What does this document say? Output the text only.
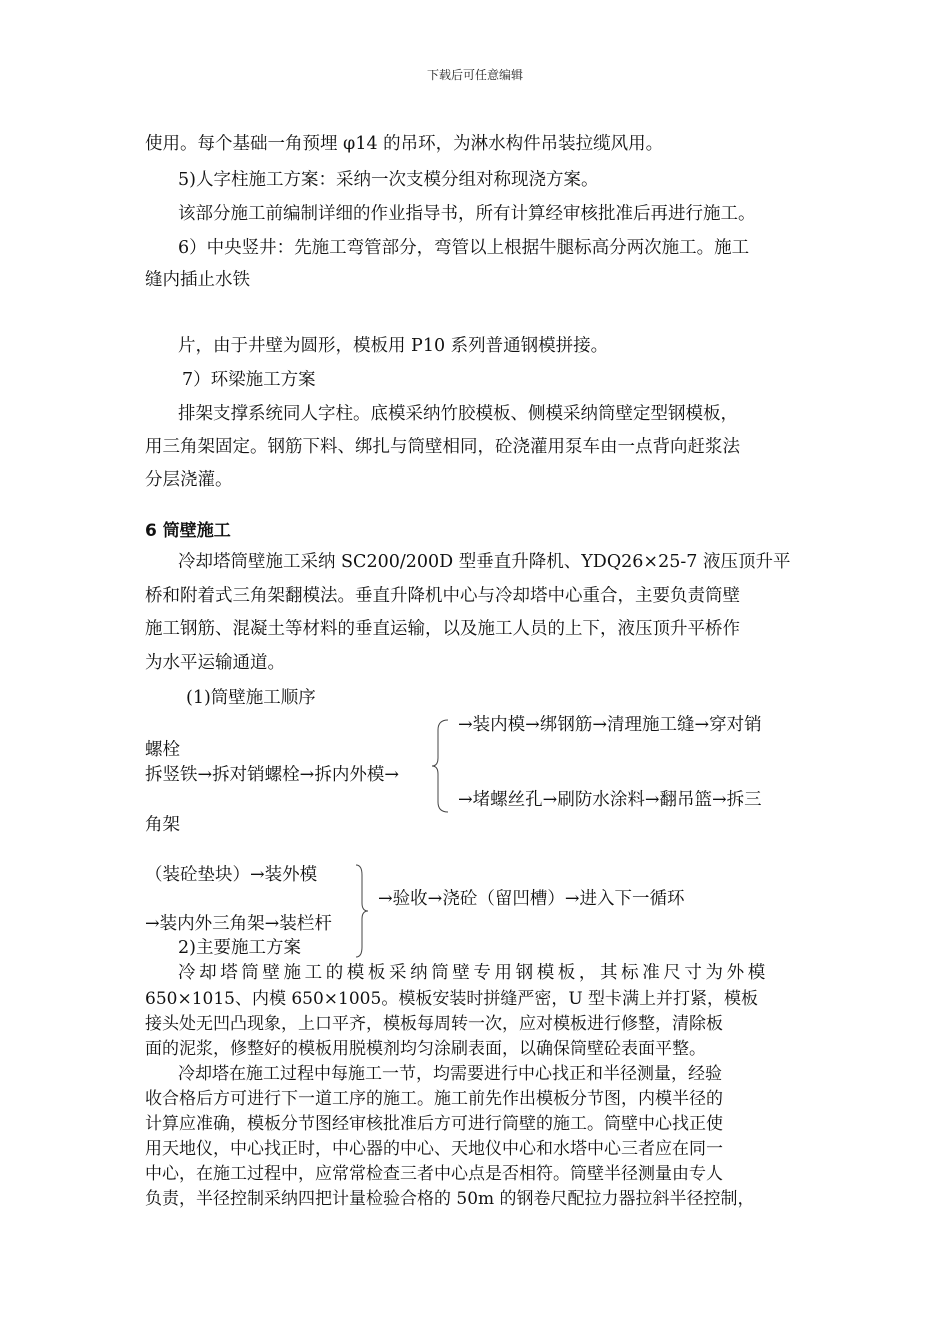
下载后可任意编辑
使用。每个基础一角预埋 φ14 的吊环，为淋水构件吊装拉缆风用。
5)人字柱施工方案：采纳一次支模分组对称现浇方案。
该部分施工前编制详细的作业指导书，所有计算经审核批准后再进行施工。
6）中央竖井：先施工弯管部分，弯管以上根据牛腿标高分两次施工。施工
缝内插止水铁
片，由于井壁为圆形，模板用 P10 系列普通钢模拼接。
7）环梁施工方案
排架支撑系统同人字柱。底模采纳竹胶模板、侧模采纳筒壁定型钢模板，
用三角架固定。钢筋下料、绑扎与筒壁相同，砼浇灌用泵车由一点背向赶浆法
分层浇灌。
6 筒壁施工
冷却塔筒壁施工采纳 SC200/200D 型垂直升降机、YDQ26×25-7 液压顶升平
桥和附着式三角架翻模法。垂直升降机中心与冷却塔中心重合，主要负责筒壁
施工钢筋、混凝土等材料的垂直运输，以及施工人员的上下，液压顶升平桥作
为水平运输通道。
(1)筒壁施工顺序
→装内模→绑钢筋→清理施工缝→穿对销
螺栓
拆竖铁→拆对销螺栓→拆内外模→
→堵螺丝孔→刷防水涂料→翻吊篮→拆三
角架
（装砼垫块）→装外模
→验收→浇砼（留凹槽）→进入下一循环
→装内外三角架→装栏杆
2)主要施工方案
冷却塔筒壁施工的模板采纳筒壁专用钢模板，其标准尺寸为外模
650×1015、内模 650×1005。模板安装时拼缝严密，U 型卡满上并打紧，模板
接头处无凹凸现象，上口平齐，模板每周转一次，应对模板进行修整，清除板
面的泥浆，修整好的模板用脱模剂均匀涂刷表面，以确保筒壁砼表面平整。
冷却塔在施工过程中每施工一节，均需要进行中心找正和半径测量，经验
收合格后方可进行下一道工序的施工。施工前先作出模板分节图，内模半径的
计算应准确，模板分节图经审核批准后方可进行筒壁的施工。筒壁中心找正使
用天地仪，中心找正时，中心器的中心、天地仪中心和水塔中心三者应在同一
中心，在施工过程中，应常常检查三者中心点是否相符。筒壁半径测量由专人
负责，半径控制采纳四把计量检验合格的 50m 的钢卷尺配拉力器拉斜半径控制，
